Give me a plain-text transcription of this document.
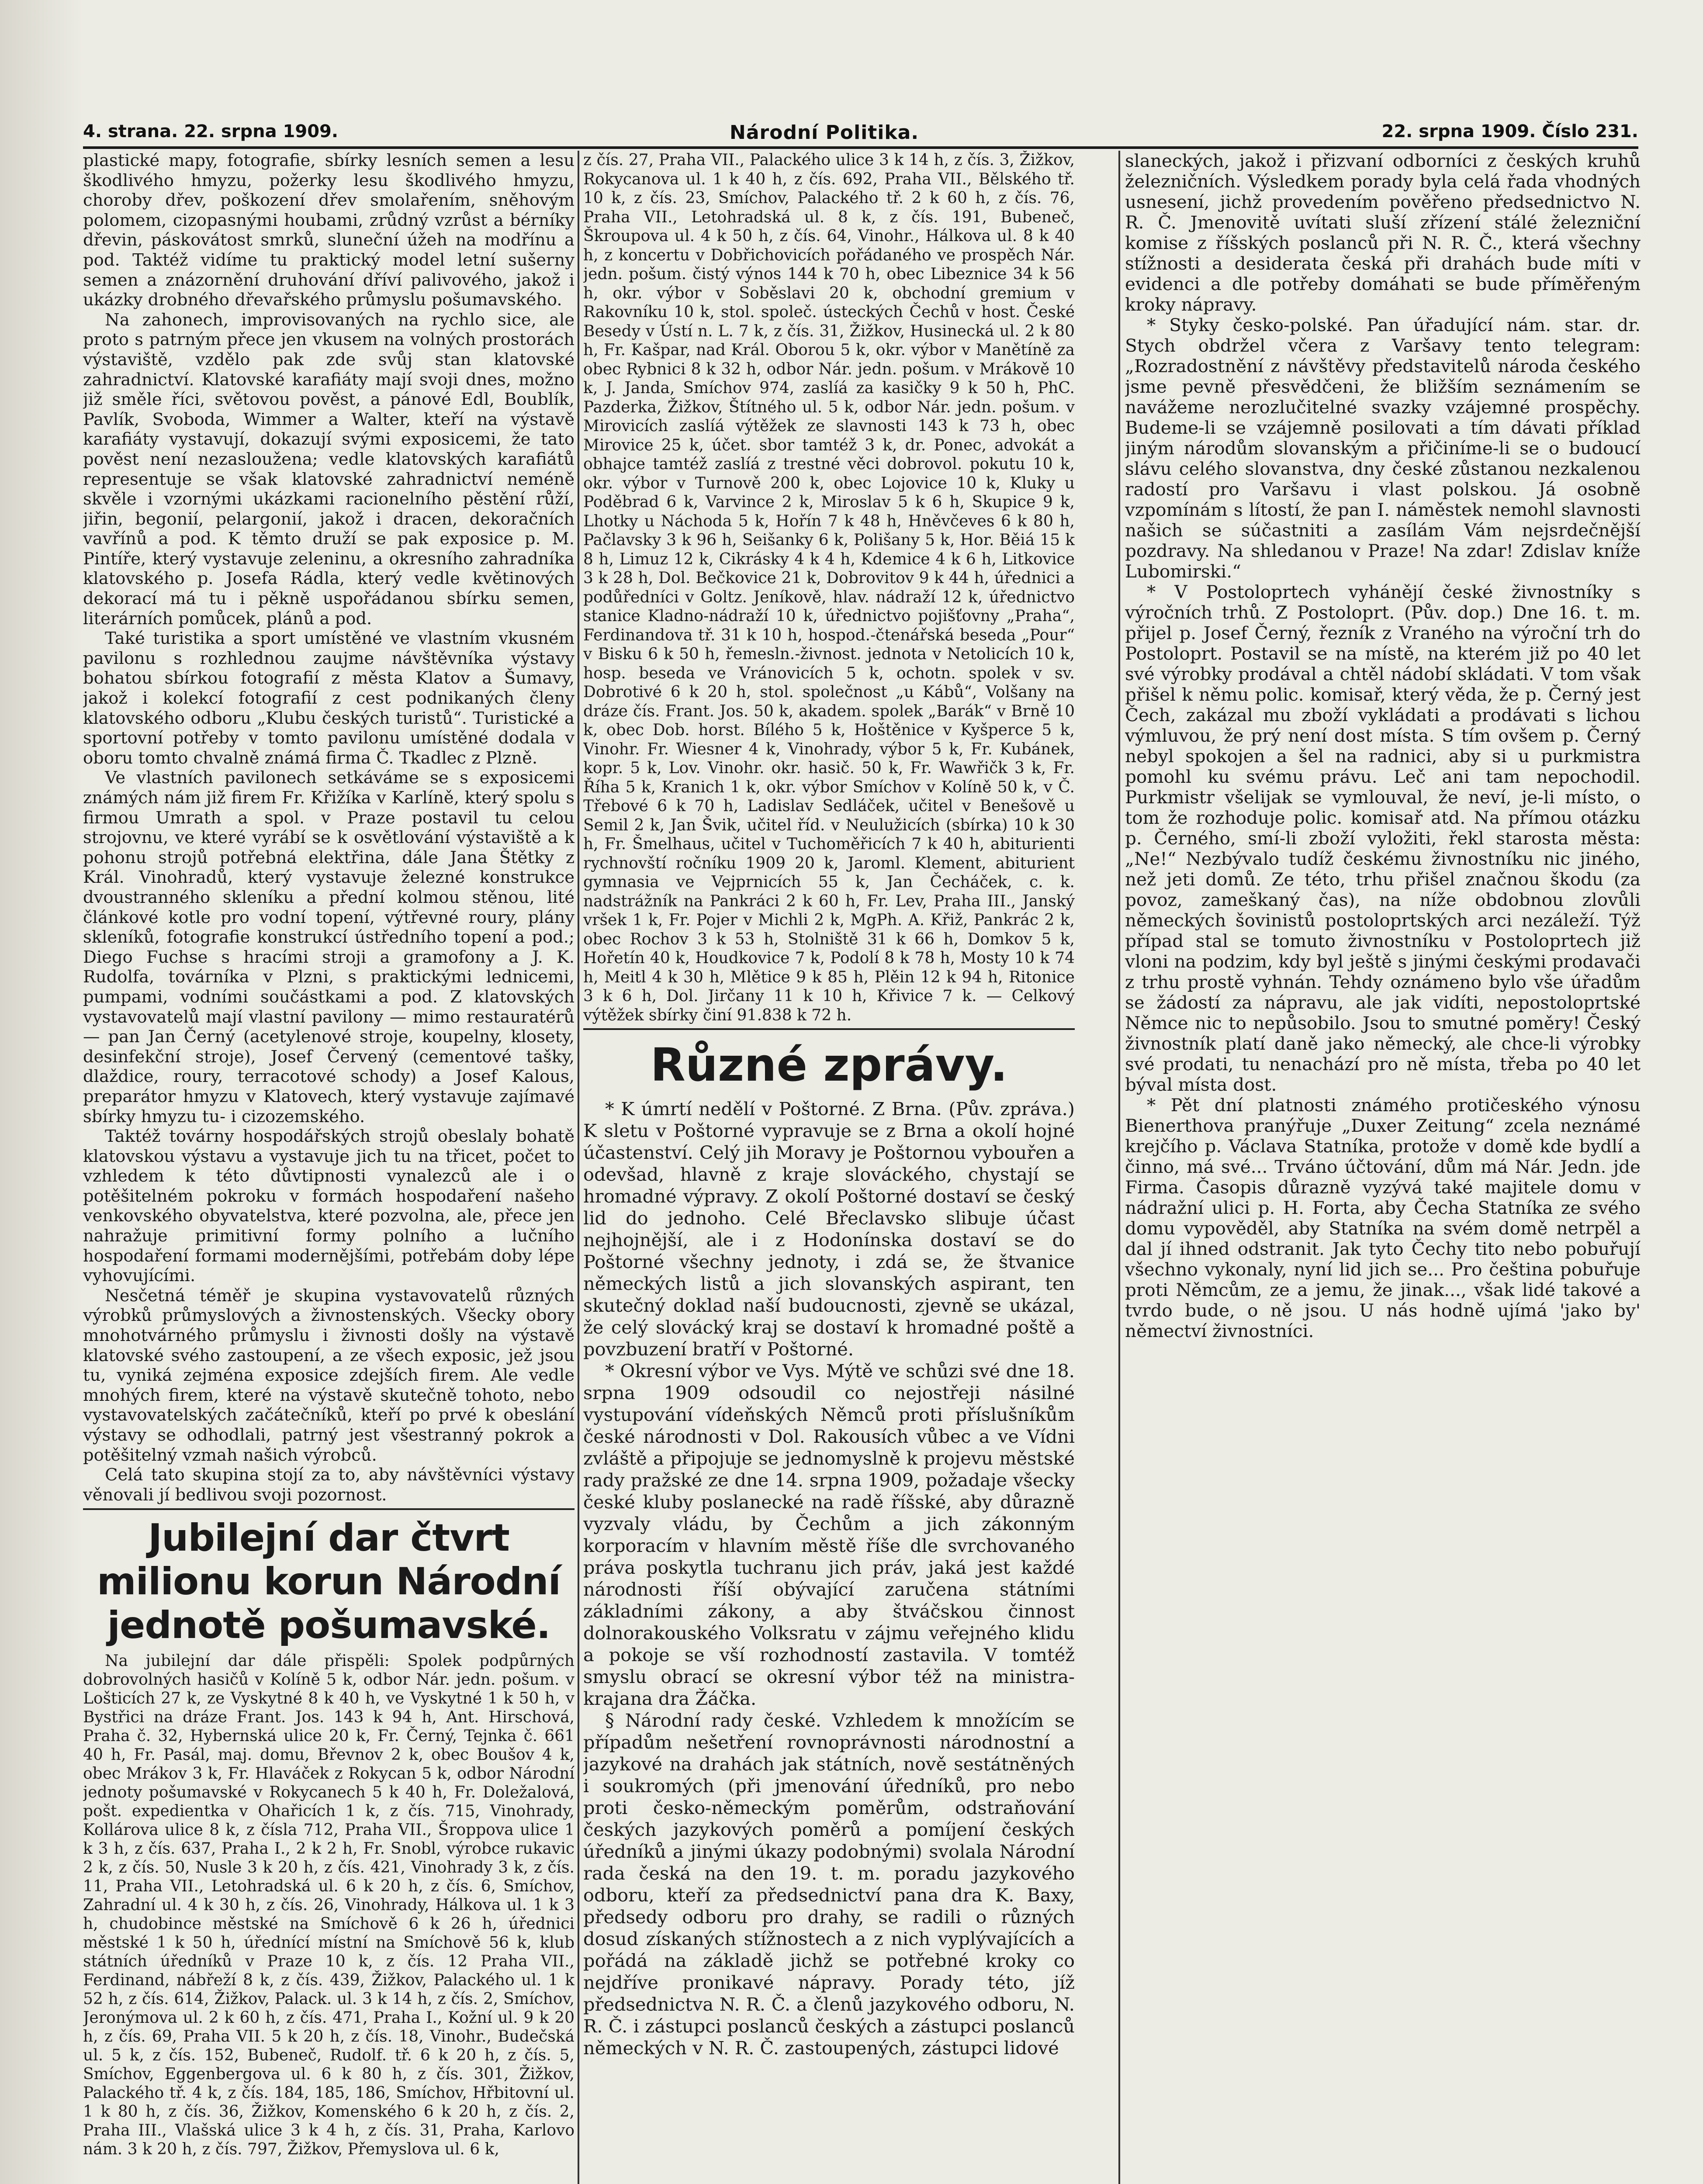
4. strana. 22. srpna 1909.	Národní Politika.	22. srpna 1909. Číslo 231.

plastické mapy, fotografie, sbírky lesních semen a lesu škodlivého hmyzu, požerky lesu škodlivého hmyzu, choroby dřev, poškození dřev smolařením, sněhovým polomem, cizopasnými houbami, zrůdný vzrůst a bérníky dřevin, páskovátost smrků, sluneční úžeh na modřínu a pod. Taktéž vidíme tu praktický model letní sušerny semen a znázornění druhování dříví palivového, jakož i ukázky drobného dřevařského průmyslu pošumavského.

Na zahonech, improvisovaných na rychlo sice, ale proto s patrným přece jen vkusem na volných prostorách výstaviště, vzdělo pak zde svůj stan klatovské zahradnictví. Klatovské karafiáty mají svoji dnes, možno již směle říci, světovou pověst, a pánové Edl, Boublík, Pavlík, Svoboda, Wimmer a Walter, kteří na výstavě karafiáty vystavují, dokazují svými exposicemi, že tato pověst není nezasloužena; vedle klatovských karafiátů representuje se však klatovské zahradnictví neméně skvěle i vzornými ukázkami racionelního pěstění růží, jiřin, begonií, pelargonií, jakož i dracen, dekoračních vavřínů a pod. K těmto druží se pak exposice p. M. Pintíře, který vystavuje zeleninu, a okresního zahradníka klatovského p. Josefa Rádla, který vedle květinových dekorací má tu i pěkně uspořádanou sbírku semen, literárních pomůcek, plánů a pod.

Také turistika a sport umístěné ve vlastním vkusném pavilonu s rozhlednou zaujme návštěvníka výstavy bohatou sbírkou fotografií z města Klatov a Šumavy, jakož i kolekcí fotografií z cest podnikaných členy klatovského odboru „Klubu českých turistů“. Turistické a sportovní potřeby v tomto pavilonu umístěné dodala v oboru tomto chvalně známá firma Č. Tkadlec z Plzně.

Ve vlastních pavilonech setkáváme se s exposicemi známých nám již firem Fr. Křižíka v Karlíně, který spolu s firmou Umrath a spol. v Praze postavil tu celou strojovnu, ve které vyrábí se k osvětlování výstaviště a k pohonu strojů potřebná elektřina, dále Jana Štětky z Král. Vinohradů, který vystavuje železné konstrukce dvoustranného skleníku a přední kolmou stěnou, lité článkové kotle pro vodní topení, výtřevné roury, plány skleníků, fotografie konstrukcí ústředního topení a pod.; Diego Fuchse s hracími stroji a gramofony a J. K. Rudolfa, továrníka v Plzni, s praktickými lednicemi, pumpami, vodními součástkami a pod. Z klatovských vystavovatelů mají vlastní pavilony — mimo restauratérů — pan Jan Černý (acetylenové stroje, koupelny, klosety, desinfekční stroje), Josef Červený (cementové tašky, dlaždice, roury, terracotové schody) a Josef Kalous, preparátor hmyzu v Klatovech, který vystavuje zajímavé sbírky hmyzu tu- i cizozemského.

Taktéž továrny hospodářských strojů obeslaly bohatě klatovskou výstavu a vystavuje jich tu na třicet, počet to vzhledem k této důvtipnosti vynalezců ale i o potěšitelném pokroku v formách hospodaření našeho venkovského obyvatelstva, které pozvolna, ale, přece jen nahražuje primitivní formy polního a lučního hospodaření formami modernějšími, potřebám doby lépe vyhovujícími.

Nesčetná téměř je skupina vystavovatelů různých výrobků průmyslových a živnostenských. Všecky obory mnohotvárného průmyslu i živnosti došly na výstavě klatovské svého zastoupení, a ze všech exposic, jež jsou tu, vyniká zejména exposice zdejších firem. Ale vedle mnohých firem, které na výstavě skutečně tohoto, nebo vystavovatelských začátečníků, kteří po prvé k obeslání výstavy se odhodlali, patrný jest všestranný pokrok a potěšitelný vzmah našich výrobců.

Celá tato skupina stojí za to, aby návštěvníci výstavy věnovali jí bedlivou svoji pozornost.

Jubilejní dar čtvrt milionu korun Národní jednotě pošumavské.

Na jubilejní dar dále přispěli: Spolek podpůrných dobrovolných hasičů v Kolíně 5 k, odbor Nár. jedn. pošum. v Lošticích 27 k, ze Vyskytné 8 k 40 h, ve Vyskytné 1 k 50 h, v Bystřici na dráze Frant. Jos. 143 k 94 h, Ant. Hirschová, Praha č. 32, Hybernská ulice 20 k, Fr. Černý, Tejnka č. 661 40 h, Fr. Pasál, maj. domu, Břevnov 2 k, obec Boušov 4 k, obec Mrákov 3 k, Fr. Hlaváček z Rokycan 5 k, odbor Národní jednoty pošumavské v Rokycanech 5 k 40 h, Fr. Doležalová, pošt. expedientka v Ohařicích 1 k, z čís. 715, Vinohrady, Kollárova ulice 8 k, z čísla 712, Praha VII., Šroppova ulice 1 k 3 h, z čís. 637, Praha I., 2 k 2 h, Fr. Snobl, výrobce rukavic 2 k, z čís. 50, Nusle 3 k 20 h, z čís. 421, Vinohrady 3 k, z čís. 11, Praha VII., Letohradská ul. 6 k 20 h, z čís. 6, Smíchov, Zahradní ul. 4 k 30 h, z čís. 26, Vinohrady, Hálkova ul. 1 k 3 h, chudobince městské na Smíchově 6 k 26 h, úřednici městské 1 k 50 h, úřednící místní na Smíchově 56 k, klub státních úředníků v Praze 10 k, z čís. 12 Praha VII., Ferdinand, nábřeží 8 k, z čís. 439, Žižkov, Palackého ul. 1 k 52 h, z čís. 614, Žižkov, Palack. ul. 3 k 14 h, z čís. 2, Smíchov, Jeronýmova ul. 2 k 60 h, z čís. 471, Praha I., Kožní ul. 9 k 20 h, z čís. 69, Praha VII. 5 k 20 h, z čís. 18, Vinohr., Budečská ul. 5 k, z čís. 152, Bubeneč, Rudolf. tř. 6 k 20 h, z čís. 5, Smíchov, Eggenbergova ul. 6 k 80 h, z čís. 301, Žižkov, Palackého tř. 4 k, z čís. 184, 185, 186, Smíchov, Hřbitovní ul. 1 k 80 h, z čís. 36, Žižkov, Komenského 6 k 20 h, z čís. 2, Praha III., Vlašská ulice 3 k 4 h, z čís. 31, Praha, Karlovo nám. 3 k 20 h, z čís. 797, Žižkov, Přemyslova ul. 6 k,

z čís. 27, Praha VII., Palackého ulice 3 k 14 h, z čís. 3, Žižkov, Rokycanova ul. 1 k 40 h, z čís. 692, Praha VII., Bělského tř. 10 k, z čís. 23, Smíchov, Palackého tř. 2 k 60 h, z čís. 76, Praha VII., Letohradská ul. 8 k, z čís. 191, Bubeneč, Škroupova ul. 4 k 50 h, z čís. 64, Vinohr., Hálkova ul. 8 k 40 h, z koncertu v Dobřichovicích pořádaného ve prospěch Nár. jedn. pošum. čistý výnos 144 k 70 h, obec Libeznice 34 k 56 h, okr. výbor v Soběslavi 20 k, obchodní gremium v Rakovníku 10 k, stol. společ. ústeckých Čechů v host. České Besedy v Ústí n. L. 7 k, z čís. 31, Žižkov, Husinecká ul. 2 k 80 h, Fr. Kašpar, nad Král. Oborou 5 k, okr. výbor v Manětíně za obec Rybnici 8 k 32 h, odbor Nár. jedn. pošum. v Mrákově 10 k, J. Janda, Smíchov 974, zaslíá za kasičky 9 k 50 h, PhC. Pazderka, Žižkov, Štítného ul. 5 k, odbor Nár. jedn. pošum. v Mirovicích zaslíá výtěžek ze slavnosti 143 k 73 h, obec Mirovice 25 k, účet. sbor tamtéž 3 k, dr. Ponec, advokát a obhajce tamtéž zaslíá z trestné věci dobrovol. pokutu 10 k, okr. výbor v Turnově 200 k, obec Lojovice 10 k, Kluky u Poděbrad 6 k, Varvince 2 k, Miroslav 5 k 6 h, Skupice 9 k, Lhotky u Náchoda 5 k, Hořín 7 k 48 h, Hněvčeves 6 k 80 h, Pačlavsky 3 k 96 h, Seišanky 6 k, Polišany 5 k, Hor. Běiá 15 k 8 h, Limuz 12 k, Cikrásky 4 k 4 h, Kdemice 4 k 6 h, Litkovice 3 k 28 h, Dol. Bečkovice 21 k, Dobrovitov 9 k 44 h, úřednici a podůředníci v Goltz. Jeníkově, hlav. nádraží 12 k, úřednictvo stanice Kladno-nádraží 10 k, úřednictvo pojišťovny „Praha“, Ferdinandova tř. 31 k 10 h, hospod.-čtenářská beseda „Pour“ v Bisku 6 k 50 h, řemesln.-živnost. jednota v Netolicích 10 k, hosp. beseda ve Vránovicích 5 k, ochotn. spolek v sv. Dobrotivé 6 k 20 h, stol. společnost „u Kábů“, Volšany na dráze čís. Frant. Jos. 50 k, akadem. spolek „Barák“ v Brně 10 k, obec Dob. horst. Bílého 5 k, Hoštěnice v Kyšperce 5 k, Vinohr. Fr. Wiesner 4 k, Vinohrady, výbor 5 k, Fr. Kubánek, kopr. 5 k, Lov. Vinohr. okr. hasič. 50 k, Fr. Wawřičk 3 k, Fr. Říha 5 k, Kranich 1 k, okr. výbor Smíchov v Kolíně 50 k, v Č. Třebové 6 k 70 h, Ladislav Sedláček, učitel v Benešově u Semil 2 k, Jan Švik, učitel říd. v Neulužicích (sbírka) 10 k 30 h, Fr. Šmelhaus, učitel v Tuchoměřicích 7 k 40 h, abiturienti rychnovští ročníku 1909 20 k, Jaroml. Klement, abiturient gymnasia ve Vejprnicích 55 k, Jan Čecháček, c. k. nadstrážník na Pankráci 2 k 60 h, Fr. Lev, Praha III., Janský vršek 1 k, Fr. Pojer v Michli 2 k, MgPh. A. Křiž, Pankrác 2 k, obec Rochov 3 k 53 h, Stolniště 31 k 66 h, Domkov 5 k, Hořetín 40 k, Houdkovice 7 k, Podolí 8 k 78 h, Mosty 10 k 74 h, Meitl 4 k 30 h, Mlětice 9 k 85 h, Plěin 12 k 94 h, Ritonice 3 k 6 h, Dol. Jirčany 11 k 10 h, Křivice 7 k. — Celkový výtěžek sbírky činí 91.838 k 72 h.

Různé zprávy.

* K úmrtí nedělí v Poštorné. Z Brna. (Pův. zpráva.) K sletu v Poštorné vypravuje se z Brna a okolí hojné účastenství. Celý jih Moravy je Poštornou vybouřen a odevšad, hlavně z kraje slováckého, chystají se hromadné výpravy. Z okolí Poštorné dostaví se český lid do jednoho. Celé Břeclavsko slibuje účast nejhojnější, ale i z Hodonínska dostaví se do Poštorné všechny jednoty, i zdá se, že štvanice německých listů a jich slovanských aspirant, ten skutečný doklad naší budoucnosti, zjevně se ukázal, že celý slovácký kraj se dostaví k hromadné poště a povzbuzení bratří v Poštorné.

* Okresní výbor ve Vys. Mýtě ve schůzi své dne 18. srpna 1909 odsoudil co nejostřeji násilné vystupování vídeňských Němců proti příslušníkům české národnosti v Dol. Rakousích vůbec a ve Vídni zvláště a připojuje se jednomyslně k projevu městské rady pražské ze dne 14. srpna 1909, požadaje všecky české kluby poslanecké na radě říšské, aby důrazně vyzvaly vládu, by Čechům a jich zákonným korporacím v hlavním městě říše dle svrchovaného práva poskytla tuchranu jich práv, jaká jest každé národnosti říší obývající zaručena státními základními zákony, a aby štváčskou činnost dolnorakouského Volksratu v zájmu veřejného klidu a pokoje se vší rozhodností zastavila. V tomtéž smyslu obrací se okresní výbor též na ministra-krajana dra Žáčka.

§ Národní rady české. Vzhledem k množícím se případům nešetření rovnoprávnosti národnostní a jazykové na drahách jak státních, nově sestátněných i soukromých (při jmenování úředníků, pro nebo proti česko-německým poměrům, odstraňování českých jazykových poměrů a pomíjení českých úředníků a jinými úkazy podobnými) svolala Národní rada česká na den 19. t. m. poradu jazykového odboru, kteří za předsednictví pana dra K. Baxy, předsedy odboru pro drahy, se radili o různých dosud získaných stížnostech a z nich vyplývajících a pořádá na základě jichž se potřebné kroky co nejdříve pronikavé nápravy. Porady této, jíž předsednictva N. R. Č. a členů jazykového odboru, N. R. Č. i zástupci poslanců českých a zástupci poslanců německých v N. R. Č. zastoupených, zástupci lidové

slaneckých, jakož i přizvaní odborníci z českých kruhů železničních. Výsledkem porady byla celá řada vhodných usnesení, jichž provedením pověřeno předsednictvo N. R. Č. Jmenovitě uvítati sluší zřízení stálé železniční komise z říšských poslanců při N. R. Č., která všechny stížnosti a desiderata česká při drahách bude míti v evidenci a dle potřeby domáhati se bude příměřeným kroky nápravy.

* Styky česko-polské. Pan úřadující nám. star. dr. Stych obdržel včera z Varšavy tento telegram: „Rozradostnění z návštěvy představitelů národa českého jsme pevně přesvědčeni, že bližším seznámením se navážeme nerozlučitelné svazky vzájemné prospěchy. Budeme-li se vzájemně posilovati a tím dávati příklad jiným národům slovanským a přičiníme-li se o budoucí slávu celého slovanstva, dny české zůstanou nezkalenou radostí pro Varšavu i vlast polskou. Já osobně vzpomínám s lítostí, že pan I. náměstek nemohl slavnosti našich se súčastniti a zasílám Vám nejsrdečnější pozdravy. Na shledanou v Praze! Na zdar! Zdislav kníže Lubomirski.“

* V Postoloprtech vyhánějí české živnostníky s výročních trhů. Z Postoloprt. (Pův. dop.) Dne 16. t. m. přijel p. Josef Černý, řezník z Vraného na výroční trh do Postoloprt. Postavil se na místě, na kterém již po 40 let své výrobky prodával a chtěl nádobí skládati. V tom však přišel k němu polic. komisař, který věda, že p. Černý jest Čech, zakázal mu zboží vykládati a prodávati s lichou výmluvou, že prý není dost místa. S tím ovšem p. Černý nebyl spokojen a šel na radnici, aby si u purkmistra pomohl ku svému právu. Leč ani tam nepochodil. Purkmistr všelijak se vymlouval, že neví, je-li místo, o tom že rozhoduje polic. komisař atd. Na přímou otázku p. Černého, smí-li zboží vyložiti, řekl starosta města: „Ne!“ Nezbývalo tudíž českému živnostníku nic jiného, než jeti domů. Ze této, trhu přišel značnou škodu (za povoz, zameškaný čas), na níže obdobnou zlovůli německých šovinistů postoloprtských arci nezáleží. Týž případ stal se tomuto živnostníku v Postoloprtech již vloni na podzim, kdy byl ještě s jinými českými prodavači z trhu prostě vyhnán. Tehdy oznámeno bylo vše úřadům se žádostí za nápravu, ale jak vidíti, nepostoloprtské Němce nic to nepůsobilo. Jsou to smutné poměry! Český živnostník platí daně jako německý, ale chce-li výrobky své prodati, tu nenachází pro ně místa, třeba po 40 let býval místa dost.

* Pět dní platnosti známého protičeského výnosu Bienerthova pranýřuje „Duxer Zeitung“ zcela neznámé krejčího p. Václava Statníka, protože v domě kde bydlí a činno, má své... Trváno účtování, dům má Nár. Jedn. jde Firma. Časopis důrazně vyzývá také majitele domu v nádražní ulici p. H. Forta, aby Čecha Statníka ze svého domu vypověděl, aby Statníka na svém domě netrpěl a dal jí ihned odstranit. Jak tyto Čechy tito nebo pobuřují všechno vykonaly, nyní lid jich se... Pro čeština pobuřuje proti Němcům, ze a jemu, že jinak..., však lidé takové a tvrdo bude, o ně jsou. U nás hodně ujímá 'jako by' němectví živnostníci.
